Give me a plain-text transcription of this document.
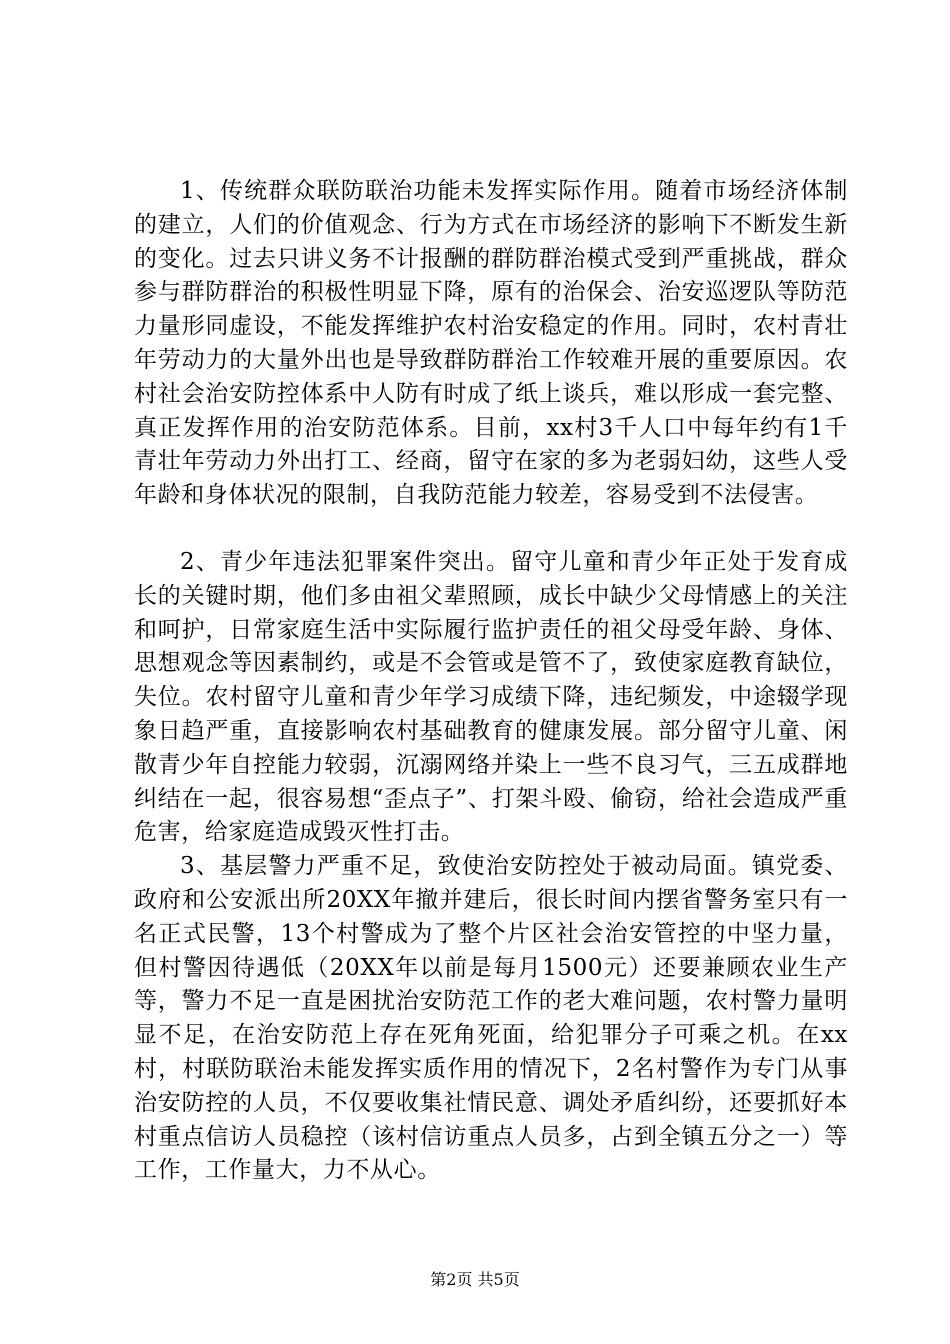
1、传统群众联防联治功能未发挥实际作用。随着市场经济体制的建立，人们的价值观念、行为方式在市场经济的影响下不断发生新的变化。过去只讲义务不计报酬的群防群治模式受到严重挑战，群众参与群防群治的积极性明显下降，原有的治保会、治安巡逻队等防范力量形同虚设，不能发挥维护农村治安稳定的作用。同时，农村青壮年劳动力的大量外出也是导致群防群治工作较难开展的重要原因。农村社会治安防控体系中人防有时成了纸上谈兵，难以形成一套完整、真正发挥作用的治安防范体系。目前，xx村3千人口中每年约有1千青壮年劳动力外出打工、经商，留守在家的多为老弱妇幼，这些人受年龄和身体状况的限制，自我防范能力较差，容易受到不法侵害。

2、青少年违法犯罪案件突出。留守儿童和青少年正处于发育成长的关键时期，他们多由祖父辈照顾，成长中缺少父母情感上的关注和呵护，日常家庭生活中实际履行监护责任的祖父母受年龄、身体、思想观念等因素制约，或是不会管或是管不了，致使家庭教育缺位，失位。农村留守儿童和青少年学习成绩下降，违纪频发，中途辍学现象日趋严重，直接影响农村基础教育的健康发展。部分留守儿童、闲散青少年自控能力较弱，沉溺网络并染上一些不良习气，三五成群地纠结在一起，很容易想“歪点子”、打架斗殴、偷窃，给社会造成严重危害，给家庭造成毁灭性打击。

3、基层警力严重不足，致使治安防控处于被动局面。镇党委、政府和公安派出所20XX年撤并建后，很长时间内摆省警务室只有一名正式民警，13个村警成为了整个片区社会治安管控的中坚力量，但村警因待遇低（20XX年以前是每月1500元）还要兼顾农业生产等，警力不足一直是困扰治安防范工作的老大难问题，农村警力量明显不足，在治安防范上存在死角死面，给犯罪分子可乘之机。在xx村，村联防联治未能发挥实质作用的情况下，2名村警作为专门从事治安防控的人员，不仅要收集社情民意、调处矛盾纠纷，还要抓好本村重点信访人员稳控（该村信访重点人员多，占到全镇五分之一）等工作，工作量大，力不从心。

第2页 共5页
